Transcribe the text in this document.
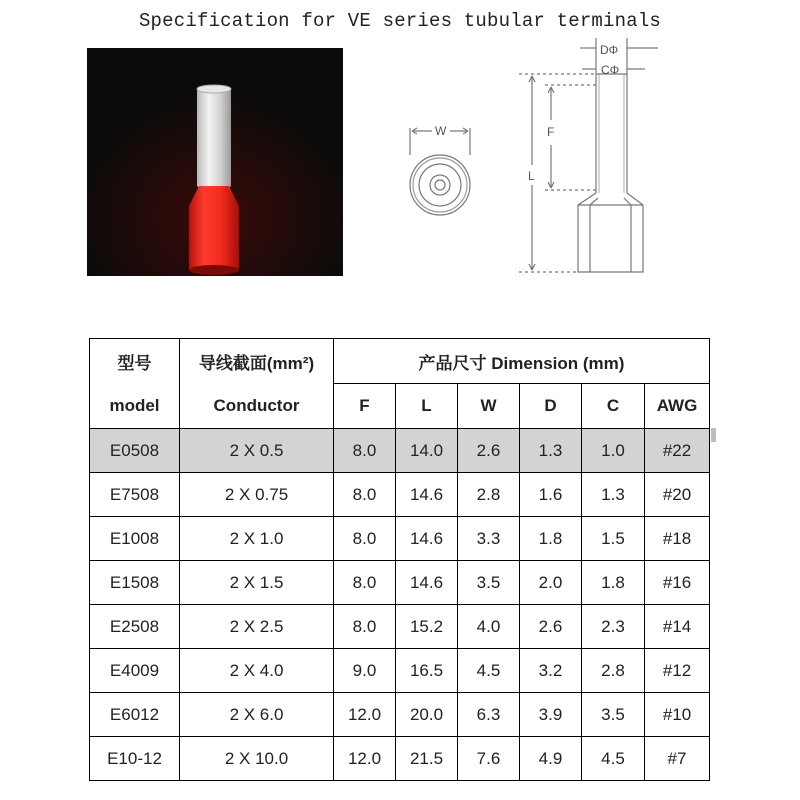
Specification for VE series tubular terminals
DΦ
CΦ
W	F
L
型号	导线截面(mm²)	产品尺寸 Dimension (mm)					
model	Conductor	F	L	W	D	C	AWG
E0508	2 X 0.5	8.0	14.0	2.6	1.3	1.0	#22
E7508	2 X 0.75	8.0	14.6	2.8	1.6	1.3	#20
E1008	2 X 1.0	8.0	14.6	3.3	1.8	1.5	#18
E1508	2 X 1.5	8.0	14.6	3.5	2.0	1.8	#16
E2508	2 X 2.5	8.0	15.2	4.0	2.6	2.3	#14
E4009	2 X 4.0	9.0	16.5	4.5	3.2	2.8	#12
E6012	2 X 6.0	12.0	20.0	6.3	3.9	3.5	#10
E10-12	2 X 10.0	12.0	21.5	7.6	4.9	4.5	#7
